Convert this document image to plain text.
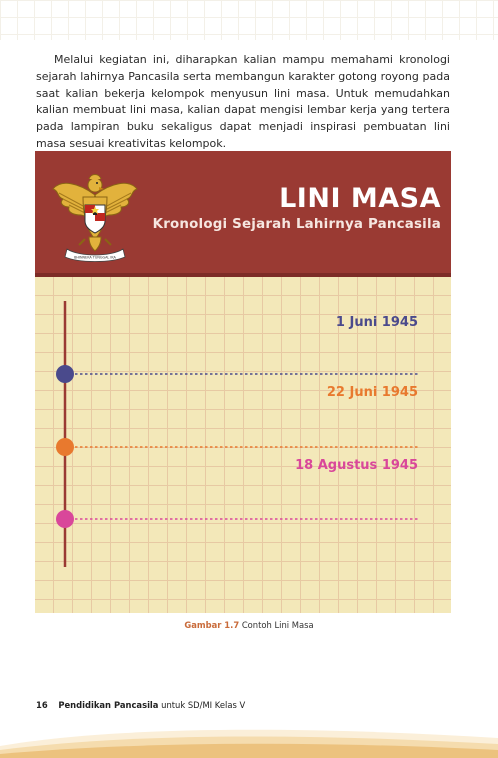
Melalui kegiatan ini, diharapkan kalian mampu memahami kronologi sejarah lahirnya Pancasila serta membangun karakter gotong royong pada saat kalian bekerja kelompok menyusun lini masa. Untuk memudahkan kalian membuat lini masa, kalian dapat mengisi lembar kerja yang tertera pada lampiran buku sekaligus dapat menjadi inspirasi pembuatan lini masa sesuai kreativitas kelompok.

BHINNEKA TUNGGAL IKA
LINI MASA
Kronologi Sejarah Lahirnya Pancasila
1 Juni 1945
22 Juni 1945
18 Agustus 1945
Gambar 1.7 Contoh Lini Masa
16 Pendidikan Pancasila untuk SD/MI Kelas V
